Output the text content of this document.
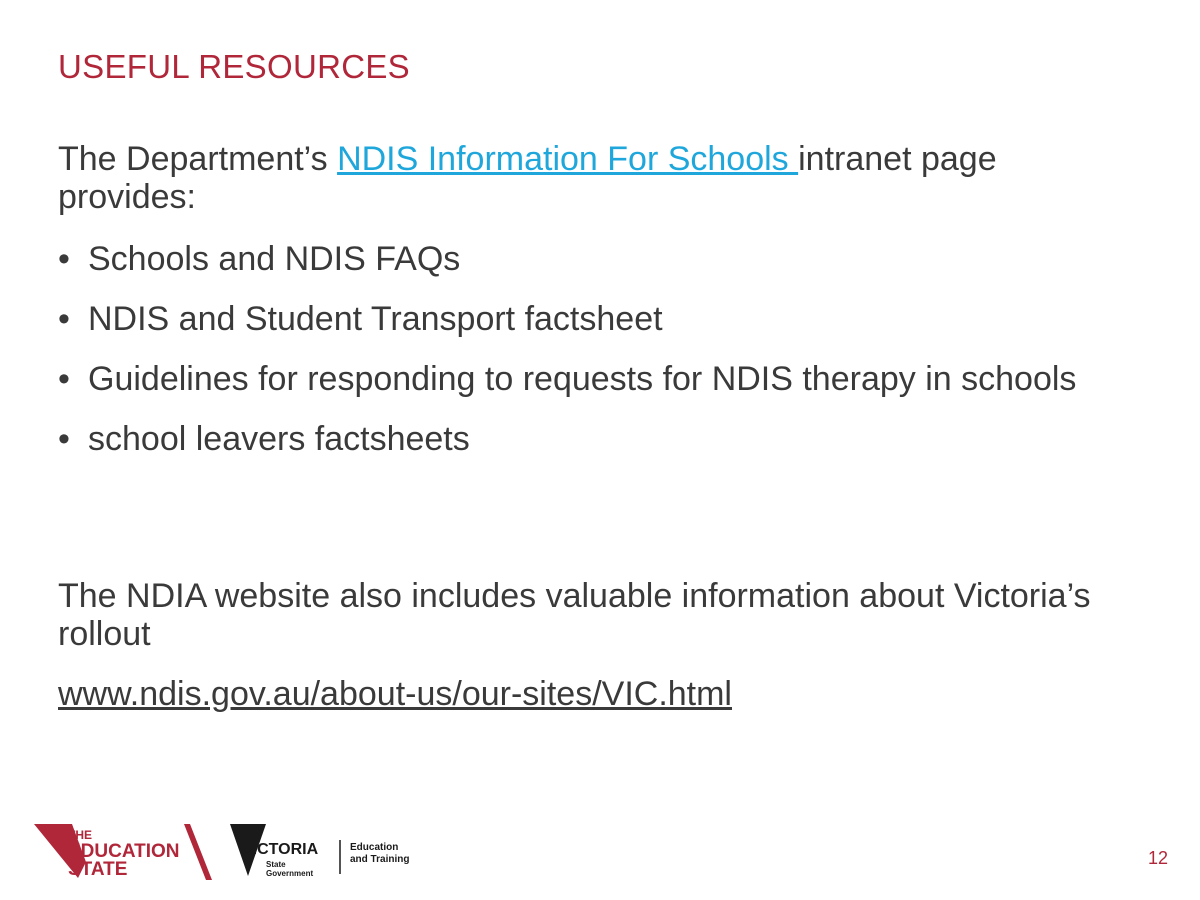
USEFUL RESOURCES

The Department’s NDIS Information For Schools intranet page provides:

• Schools and NDIS FAQs
• NDIS and Student Transport factsheet
• Guidelines for responding to requests for NDIS therapy in schools
• school leavers factsheets

The NDIA website also includes valuable information about Victoria’s rollout

www.ndis.gov.au/about-us/our-sites/VIC.html
THE
EDUCATION
STATE
VICTORIA
State
Government
Education
and Training	12
